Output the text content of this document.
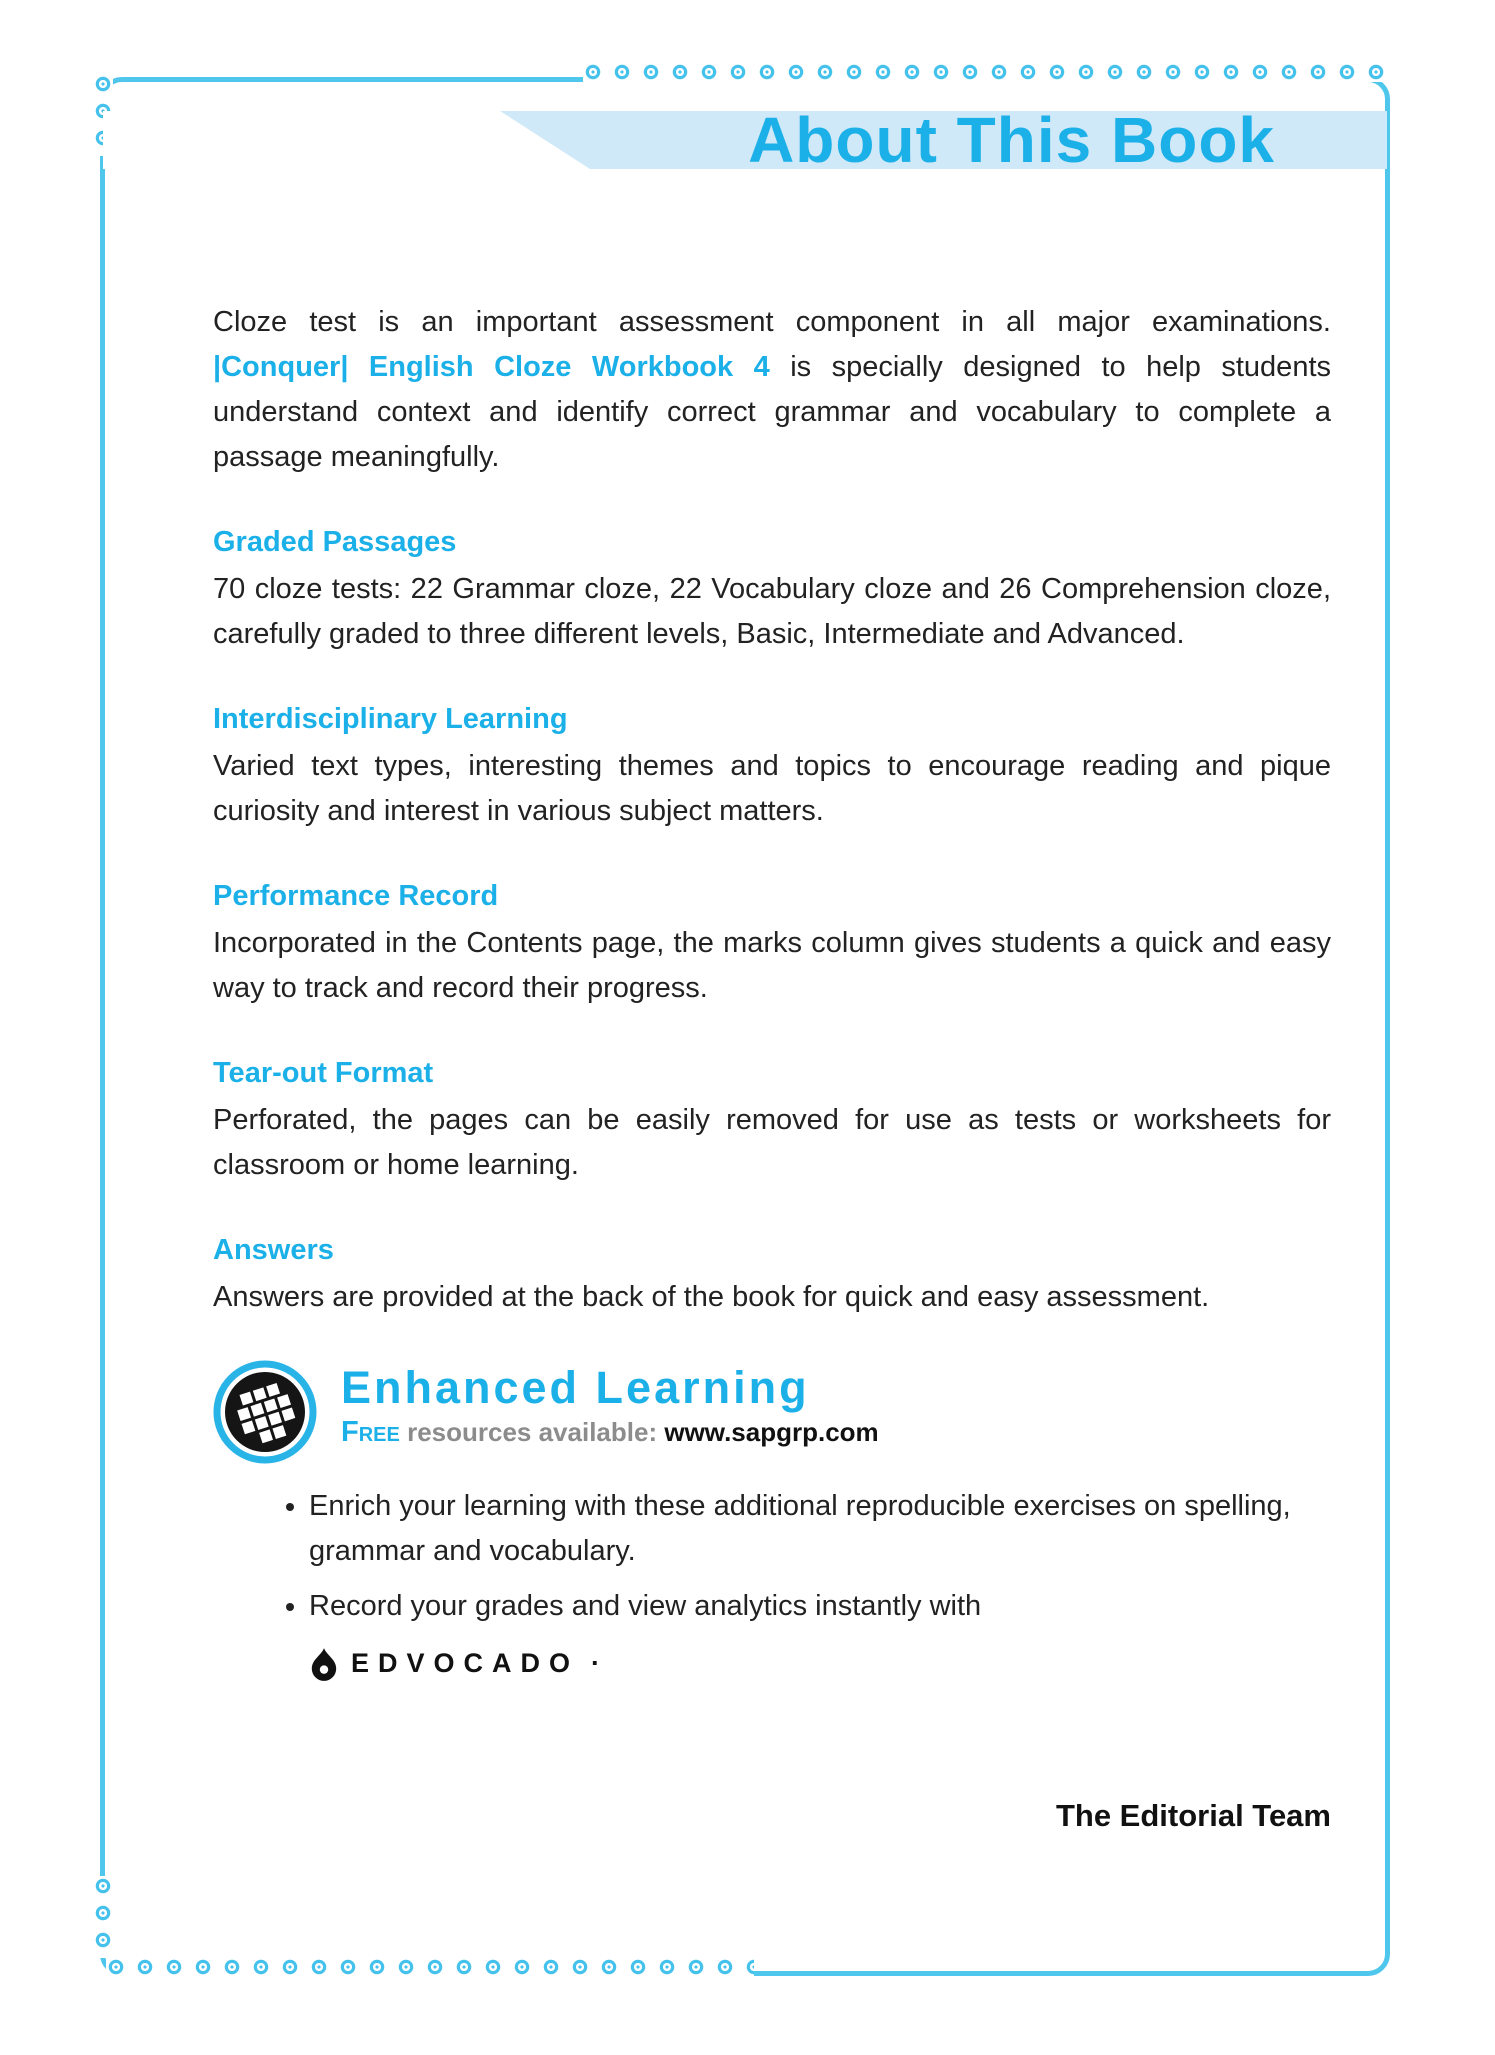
About This Book

Cloze test is an important assessment component in all major examinations. |Conquer| English Cloze Workbook 4 is specially designed to help students understand context and identify correct grammar and vocabulary to complete a passage meaningfully.

Graded Passages

70 cloze tests: 22 Grammar cloze, 22 Vocabulary cloze and 26 Comprehension cloze, carefully graded to three different levels, Basic, Intermediate and Advanced.

Interdisciplinary Learning

Varied text types, interesting themes and topics to encourage reading and pique curiosity and interest in various subject matters.

Performance Record

Incorporated in the Contents page, the marks column gives students a quick and easy way to track and record their progress.

Tear-out Format

Perforated, the pages can be easily removed for use as tests or worksheets for classroom or home learning.

Answers

Answers are provided at the back of the book for quick and easy assessment.

Enhanced Learning
Free resources available: www.sapgrp.com
• Enrich your learning with these additional reproducible exercises on spelling, grammar and vocabulary.
• Record your grades and view analytics instantly with
EDVOCADO ·
The Editorial Team
